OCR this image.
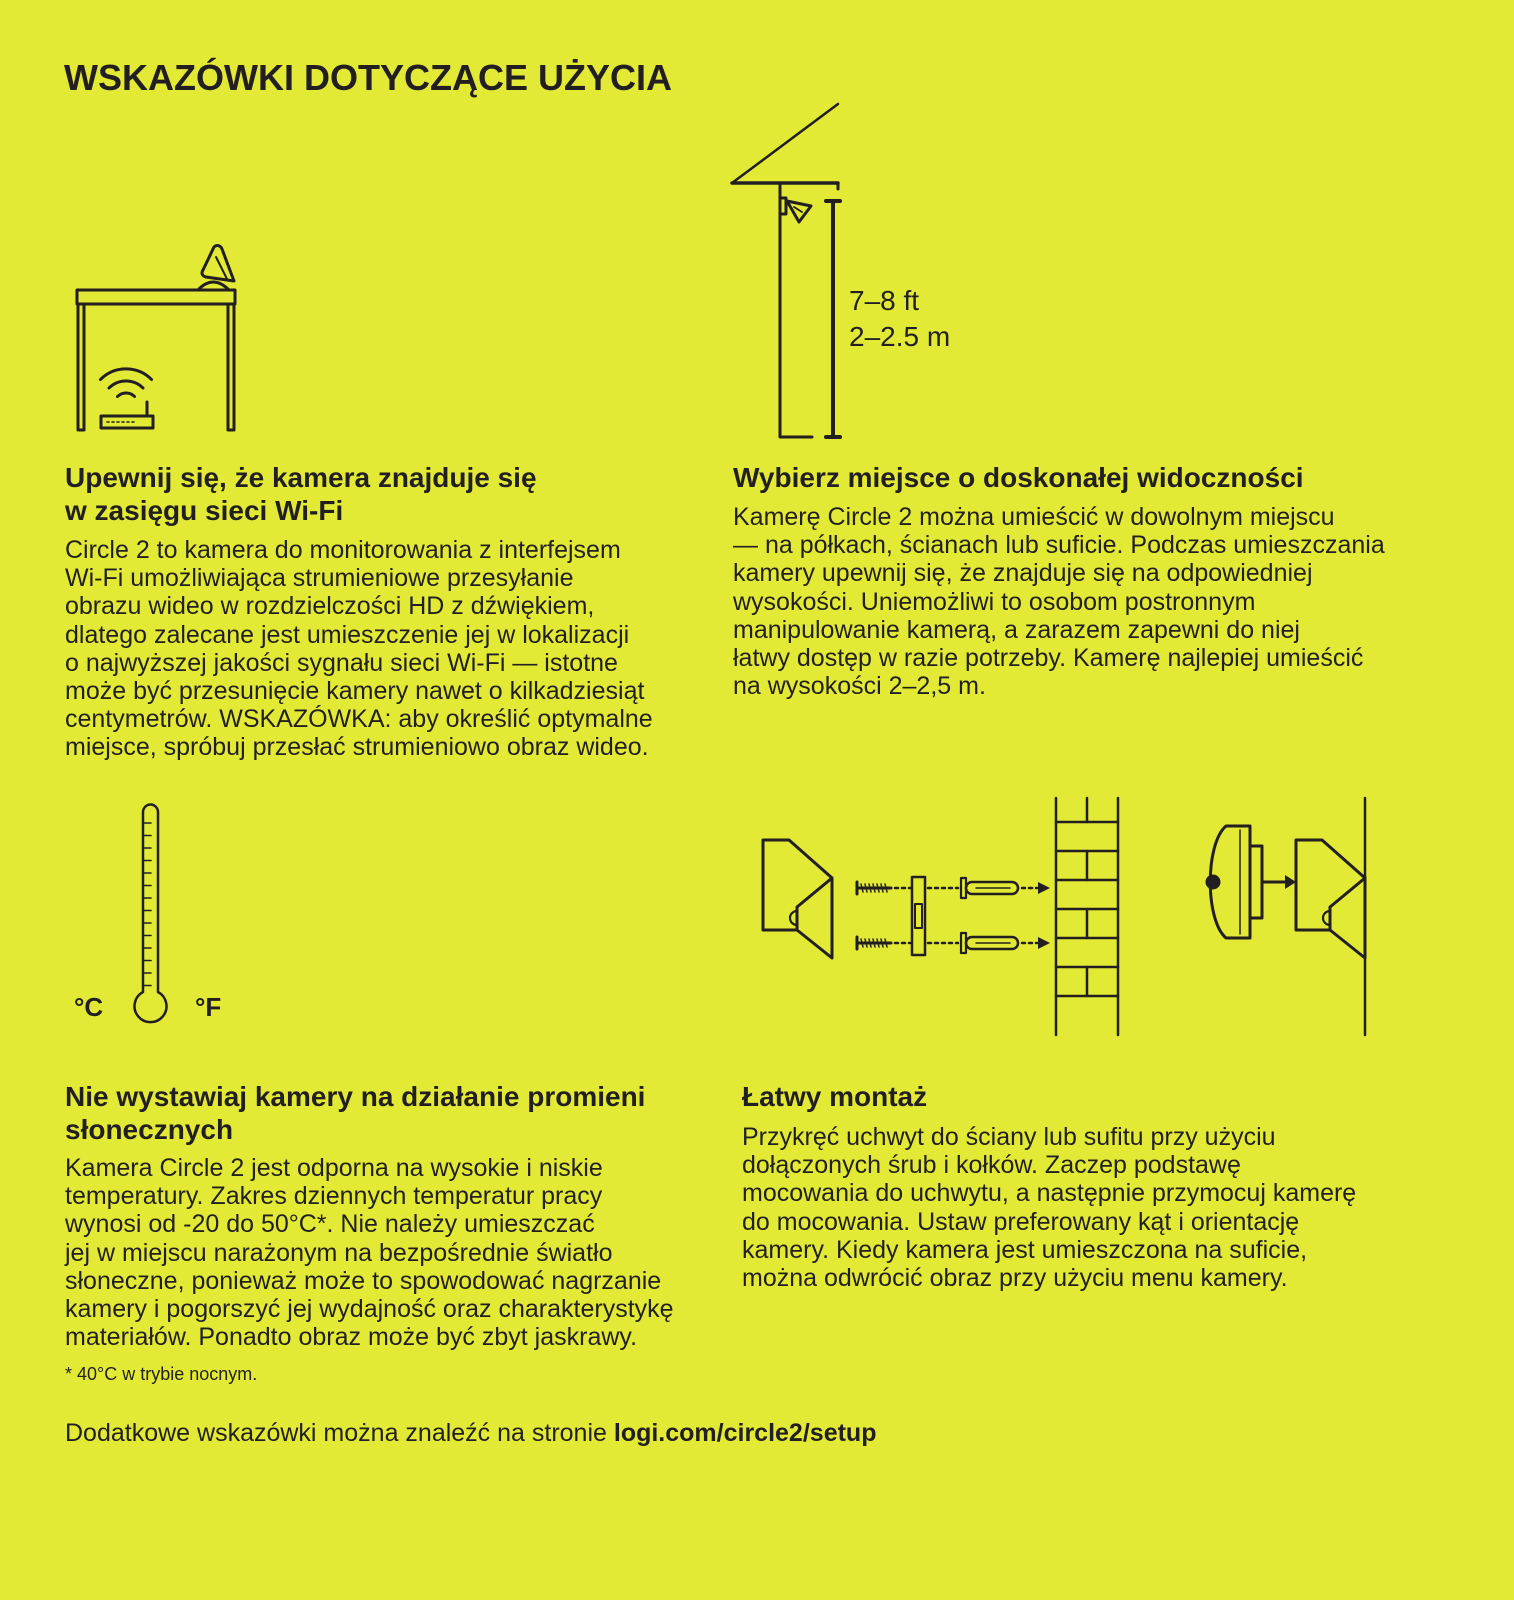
WSKAZÓWKI DOTYCZĄCE UŻYCIA
Upewnij się, że kamera znajduje się
w zasięgu sieci Wi-Fi
Circle 2 to kamera do monitorowania z interfejsem
Wi-Fi umożliwiająca strumieniowe przesyłanie
obrazu wideo w rozdzielczości HD z dźwiękiem,
dlatego zalecane jest umieszczenie jej w lokalizacji
o najwyższej jakości sygnału sieci Wi-Fi — istotne
może być przesunięcie kamery nawet o kilkadziesiąt
centymetrów. WSKAZÓWKA: aby określić optymalne
miejsce, spróbuj przesłać strumieniowo obraz wideo.
7–8 ft
2–2.5 m
Wybierz miejsce o doskonałej widoczności
Kamerę Circle 2 można umieścić w dowolnym miejscu
— na półkach, ścianach lub suficie. Podczas umieszczania
kamery upewnij się, że znajduje się na odpowiedniej
wysokości. Uniemożliwi to osobom postronnym
manipulowanie kamerą, a zarazem zapewni do niej
łatwy dostęp w razie potrzeby. Kamerę najlepiej umieścić
na wysokości 2–2,5 m.
°C	°F
Nie wystawiaj kamery na działanie promieni
słonecznych
Kamera Circle 2 jest odporna na wysokie i niskie
temperatury. Zakres dziennych temperatur pracy
wynosi od -20 do 50°C*. Nie należy umieszczać
jej w miejscu narażonym na bezpośrednie światło
słoneczne, ponieważ może to spowodować nagrzanie
kamery i pogorszyć jej wydajność oraz charakterystykę
materiałów. Ponadto obraz może być zbyt jaskrawy.
* 40°C w trybie nocnym.
Łatwy montaż
Przykręć uchwyt do ściany lub sufitu przy użyciu
dołączonych śrub i kołków. Zaczep podstawę
mocowania do uchwytu, a następnie przymocuj kamerę
do mocowania. Ustaw preferowany kąt i orientację
kamery. Kiedy kamera jest umieszczona na suficie,
można odwrócić obraz przy użyciu menu kamery.
Dodatkowe wskazówki można znaleźć na stronie logi.com/circle2/setup
